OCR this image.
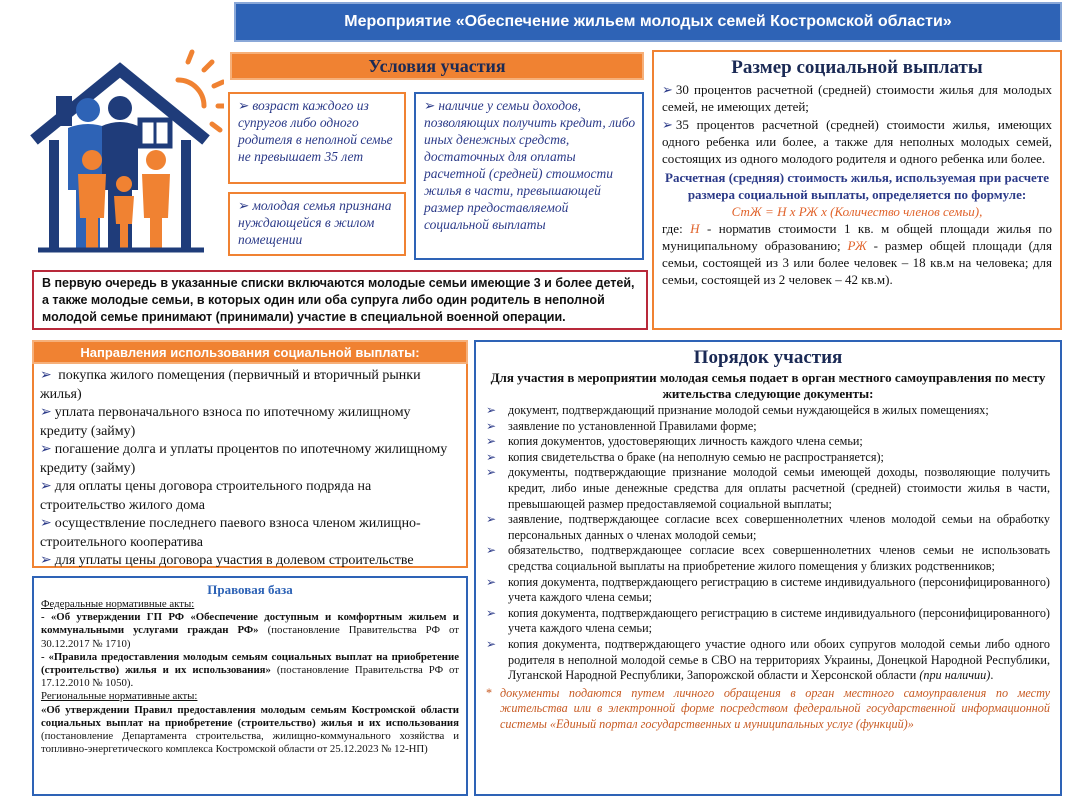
Мероприятие «Обеспечение жильем молодых семей Костромской области»
Условия участия
➢ возраст каждого из супругов либо одного родителя в неполной семье не превышает 35 лет
➢ молодая семья признана нуждающейся в жилом помещении
➢ наличие у семьи доходов, позволяющих получить кредит, либо иных денежных средств, достаточных для оплаты расчетной (средней) стоимости жилья в части, превышающей размер предоставляемой социальной выплаты
В первую очередь в указанные списки включаются молодые семьи имеющие 3 и более детей, а также молодые семьи, в которых один или оба супруга либо один родитель в неполной молодой семье принимают (принимали) участие в специальной военной операции.
Размер социальной выплаты
➢ 30 процентов расчетной (средней) стоимости жилья для молодых семей, не имеющих детей;
➢ 35 процентов расчетной (средней) стоимости жилья, имеющих одного ребенка или более, а также для неполных молодых семей, состоящих из одного молодого родителя и одного ребенка или более.
Расчетная (средняя) стоимость жилья, используемая при расчете размера социальной выплаты, определяется по формуле:
СтЖ = Н х РЖ х (Количество членов семьи),
где: Н - норматив стоимости 1 кв. м общей площади жилья по муниципальному образованию; РЖ - размер общей площади (для семьи, состоящей из 3 или более человек – 18 кв.м на человека; для семьи, состоящей из 2 человек – 42 кв.м).
Направления использования социальной выплаты:
➢ покупка жилого помещения (первичный и вторичный рынки жилья)
➢ уплата первоначального взноса по ипотечному жилищному кредиту (займу)
➢ погашение долга и уплаты процентов по ипотечному жилищному кредиту (займу)
➢ для оплаты цены договора строительного подряда на строительство жилого дома
➢ осуществление последнего паевого взноса членом жилищно-строительного кооператива
➢ для уплаты цены договора участия в долевом строительстве
Правовая база
Федеральные нормативные акты:
- «Об утверждении ГП РФ «Обеспечение доступным и комфортным жильем и коммунальными услугами граждан РФ» (постановление Правительства РФ от 30.12.2017 № 1710)
- «Правила предоставления молодым семьям социальных выплат на приобретение (строительство) жилья и их использования» (постановление Правительства РФ от 17.12.2010 № 1050).
Региональные нормативные акты:
«Об утверждении Правил предоставления молодым семьям Костромской области социальных выплат на приобретение (строительство) жилья и их использования (постановление Департамента строительства, жилищно-коммунального хозяйства и топливно-энергетического комплекса Костромской области от 25.12.2023 № 12-НП)
Порядок участия
Для участия в мероприятии молодая семья подает в орган местного самоуправления по месту жительства следующие документы:
➢ документ, подтверждающий признание молодой семьи нуждающейся в жилых помещениях;
➢ заявление по установленной Правилами форме;
➢ копия документов, удостоверяющих личность каждого члена семьи;
➢ копия свидетельства о браке (на неполную семью не распространяется);
➢ документы, подтверждающие признание молодой семьи имеющей доходы, позволяющие получить кредит, либо иные денежные средства для оплаты расчетной (средней) стоимости жилья в части, превышающей размер предоставляемой социальной выплаты;
➢ заявление, подтверждающее согласие всех совершеннолетних членов молодой семьи на обработку персональных данных о членах молодой семьи;
➢ обязательство, подтверждающее согласие всех совершеннолетних членов семьи не использовать средства социальной выплаты на приобретение жилого помещения у близких родственников;
➢ копия документа, подтверждающего регистрацию в системе индивидуального (персонифицированного) учета каждого члена семьи;
➢ копия документа, подтверждающего регистрацию в системе индивидуального (персонифицированного) учета каждого члена семьи;
➢ копия документа, подтверждающего участие одного или обоих супругов молодой семьи либо одного родителя в неполной молодой семье в СВО на территориях Украины, Донецкой Народной Республики, Луганской Народной Республики, Запорожской области и Херсонской области (при наличии).
* документы подаются путем личного обращения в орган местного самоуправления по месту жительства или в электронной форме посредством федеральной государственной информационной системы «Единый портал государственных и муниципальных услуг (функций)»
